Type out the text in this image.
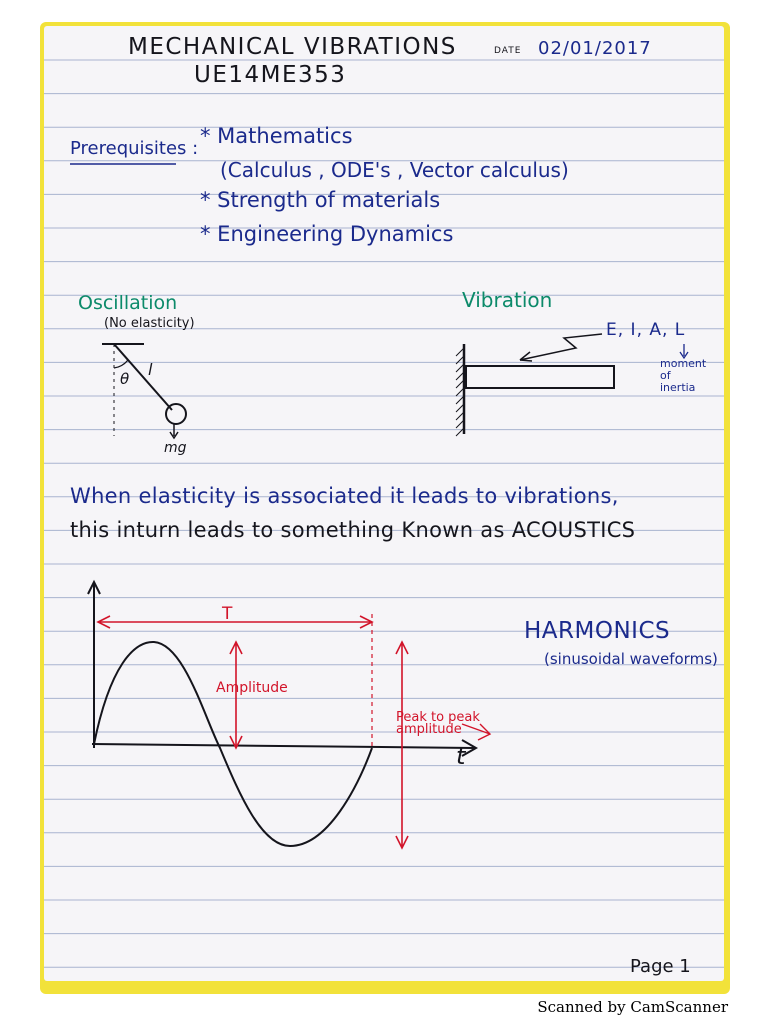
MECHANICAL VIBRATIONS	DATE 02/01/2017
UE14ME353
Prerequisites :
* Mathematics
(Calculus , ODE's , Vector calculus)
* Strength of materials
* Engineering Dynamics
Oscillation
(No elasticity)
θ l
mg
Vibration
E, I, A, L
moment
of
inertia
When elasticity is associated it leads to vibrations,
this inturn leads to something Known as ACOUSTICS
T
Amplitude
Peak to peak
amplitude
t
HARMONICS
(sinusoidal waveforms)
Page 1
Scanned by CamScanner
